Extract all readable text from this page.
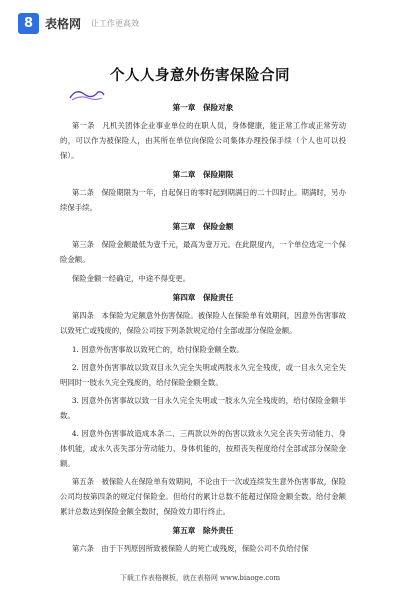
8 表格网 让工作更高效
个人人身意外伤害保险合同
第一章　保险对象

第一条　凡机关团体企业事业单位的在职人员，身体健康，能正常工作或正常劳动的，可以作为被保险人，由其所在单位向保险公司集体办理投保手续（个人也可以投保）。

第二章　保险期限

第二条　保险期限为一年，自起保日的零时起到期满日的二十四时止。期满时，另办续保手续。

第三章　保险金额

第三条　保险金额最低为壹千元，最高为壹万元。在此限度内，一个单位选定一个保险金额。

保险金额一经确定，中途不得变更。

第四章　保险责任

第四条　本保险为定额意外伤害保险。被保险人在保险单有效期间，因意外伤害事故以致死亡或残废的，保险公司按下列条款规定给付全部或部分保险金额。

1. 因意外伤害事故以致死亡的，给付保险金额全数。

2. 因意外伤害事故以致双目永久完全失明或两肢永久完全残废，或一目永久完全失明同时一肢永久完全残废的，给付保险金额全数。

3. 因意外伤害事故以致一目永久完全失明或一肢永久完全残废的，给付保险金额半数。

4. 因意外伤害事故造成本条二、三两款以外的伤害以致永久完全丧失劳动能力、身体机能，或永久丧失部分劳动能力、身体机能的，按照丧失程度给付全部或部分保险金额。

第五条　被保险人在保险单有效期间，不论由于一次或连续发生意外伤害事故，保险公司均按第四条的规定付保险金。但给付的累计总数不能超过保险金额全数。给付金额累计总数达到保险金额全数时，保险效力即行终止。

第五章　除外责任

第六条　由于下列原因所致被保险人的死亡或残废，保险公司不负给付保

下载工作表格模板，就在表格网 www.biaoge.com
